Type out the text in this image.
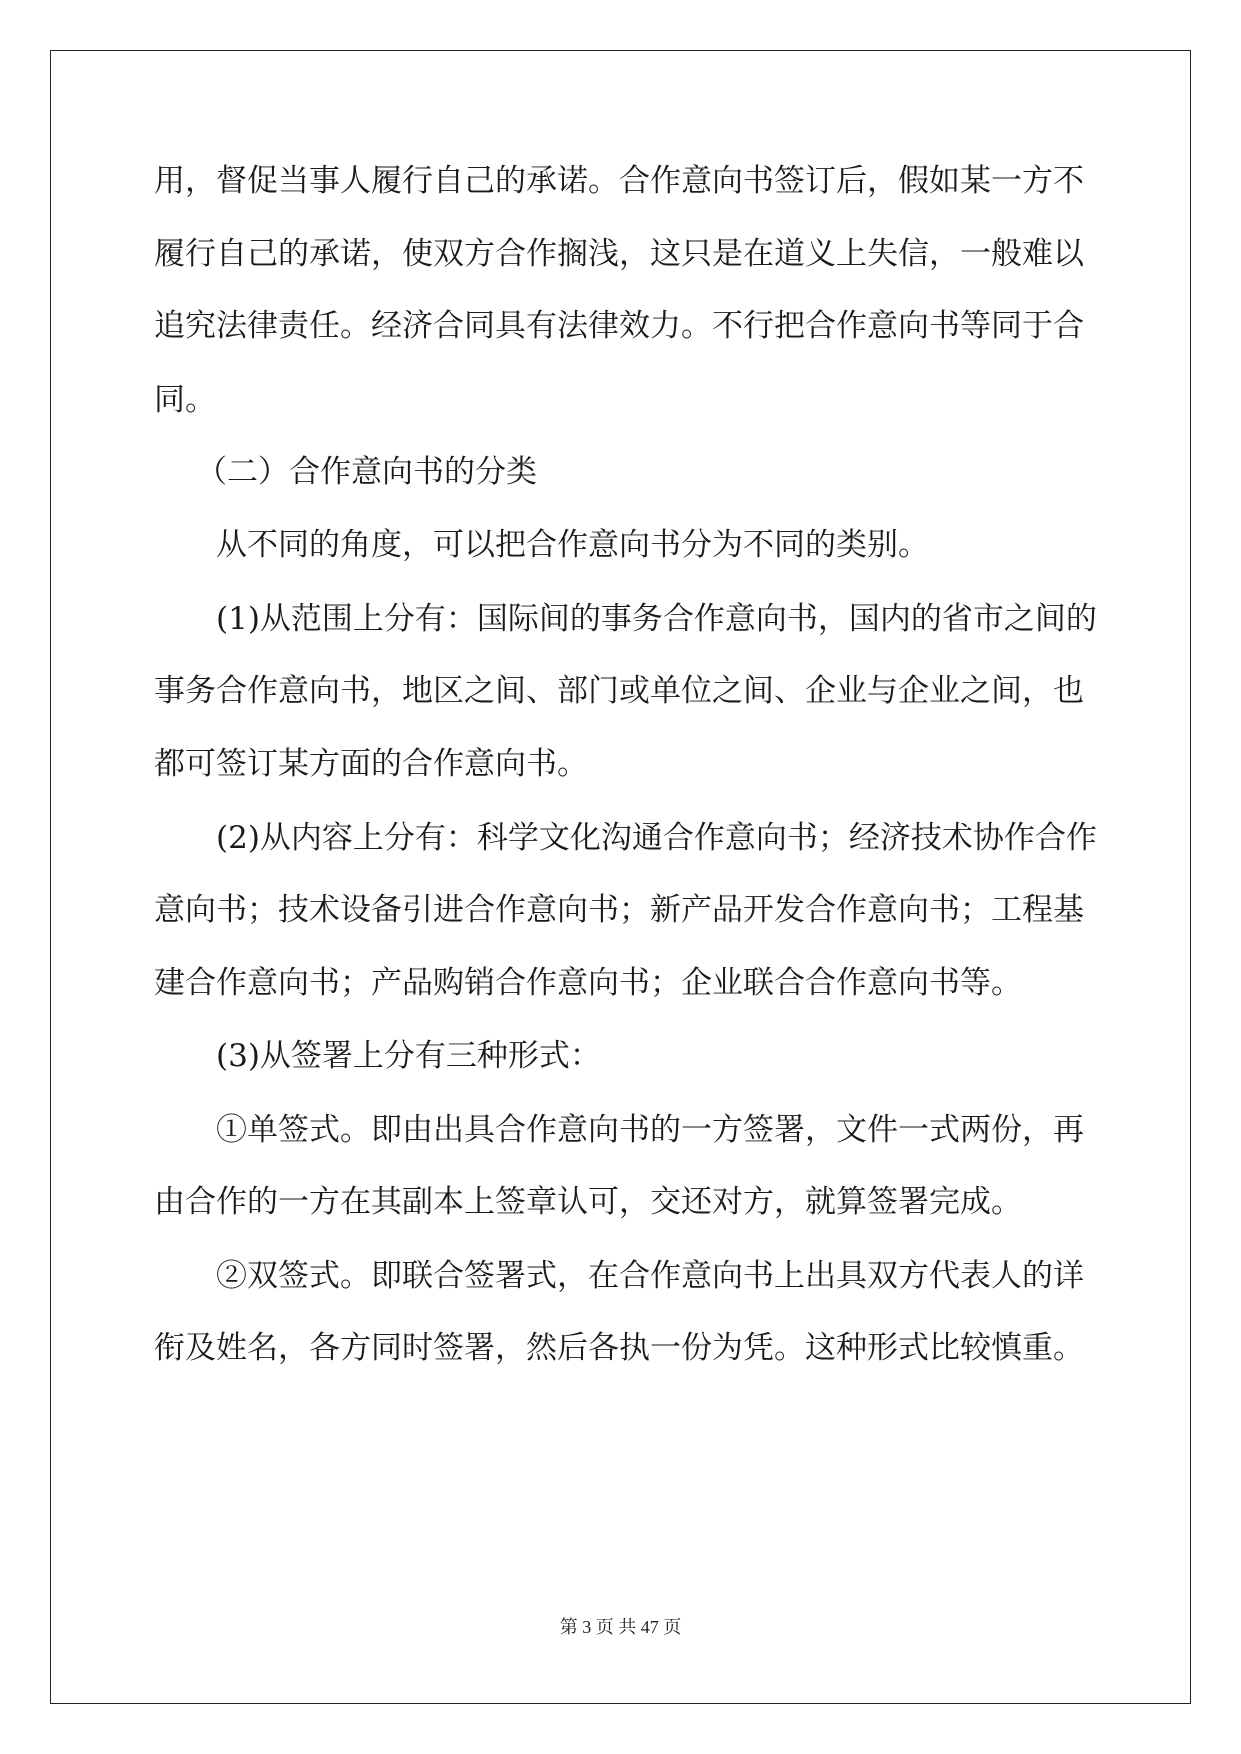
用，督促当事人履行自己的承诺。合作意向书签订后，假如某一方不

履行自己的承诺，使双方合作搁浅，这只是在道义上失信，一般难以

追究法律责任。经济合同具有法律效力。不行把合作意向书等同于合

同。

（二）合作意向书的分类

从不同的角度，可以把合作意向书分为不同的类别。

(1)从范围上分有：国际间的事务合作意向书，国内的省市之间的

事务合作意向书，地区之间、部门或单位之间、企业与企业之间，也

都可签订某方面的合作意向书。

(2)从内容上分有：科学文化沟通合作意向书；经济技术协作合作

意向书；技术设备引进合作意向书；新产品开发合作意向书；工程基

建合作意向书；产品购销合作意向书；企业联合合作意向书等。

(3)从签署上分有三种形式：

①单签式。即由出具合作意向书的一方签署，文件一式两份，再

由合作的一方在其副本上签章认可，交还对方，就算签署完成。

②双签式。即联合签署式，在合作意向书上出具双方代表人的详

衔及姓名，各方同时签署，然后各执一份为凭。这种形式比较慎重。

第 3 页 共 47 页
